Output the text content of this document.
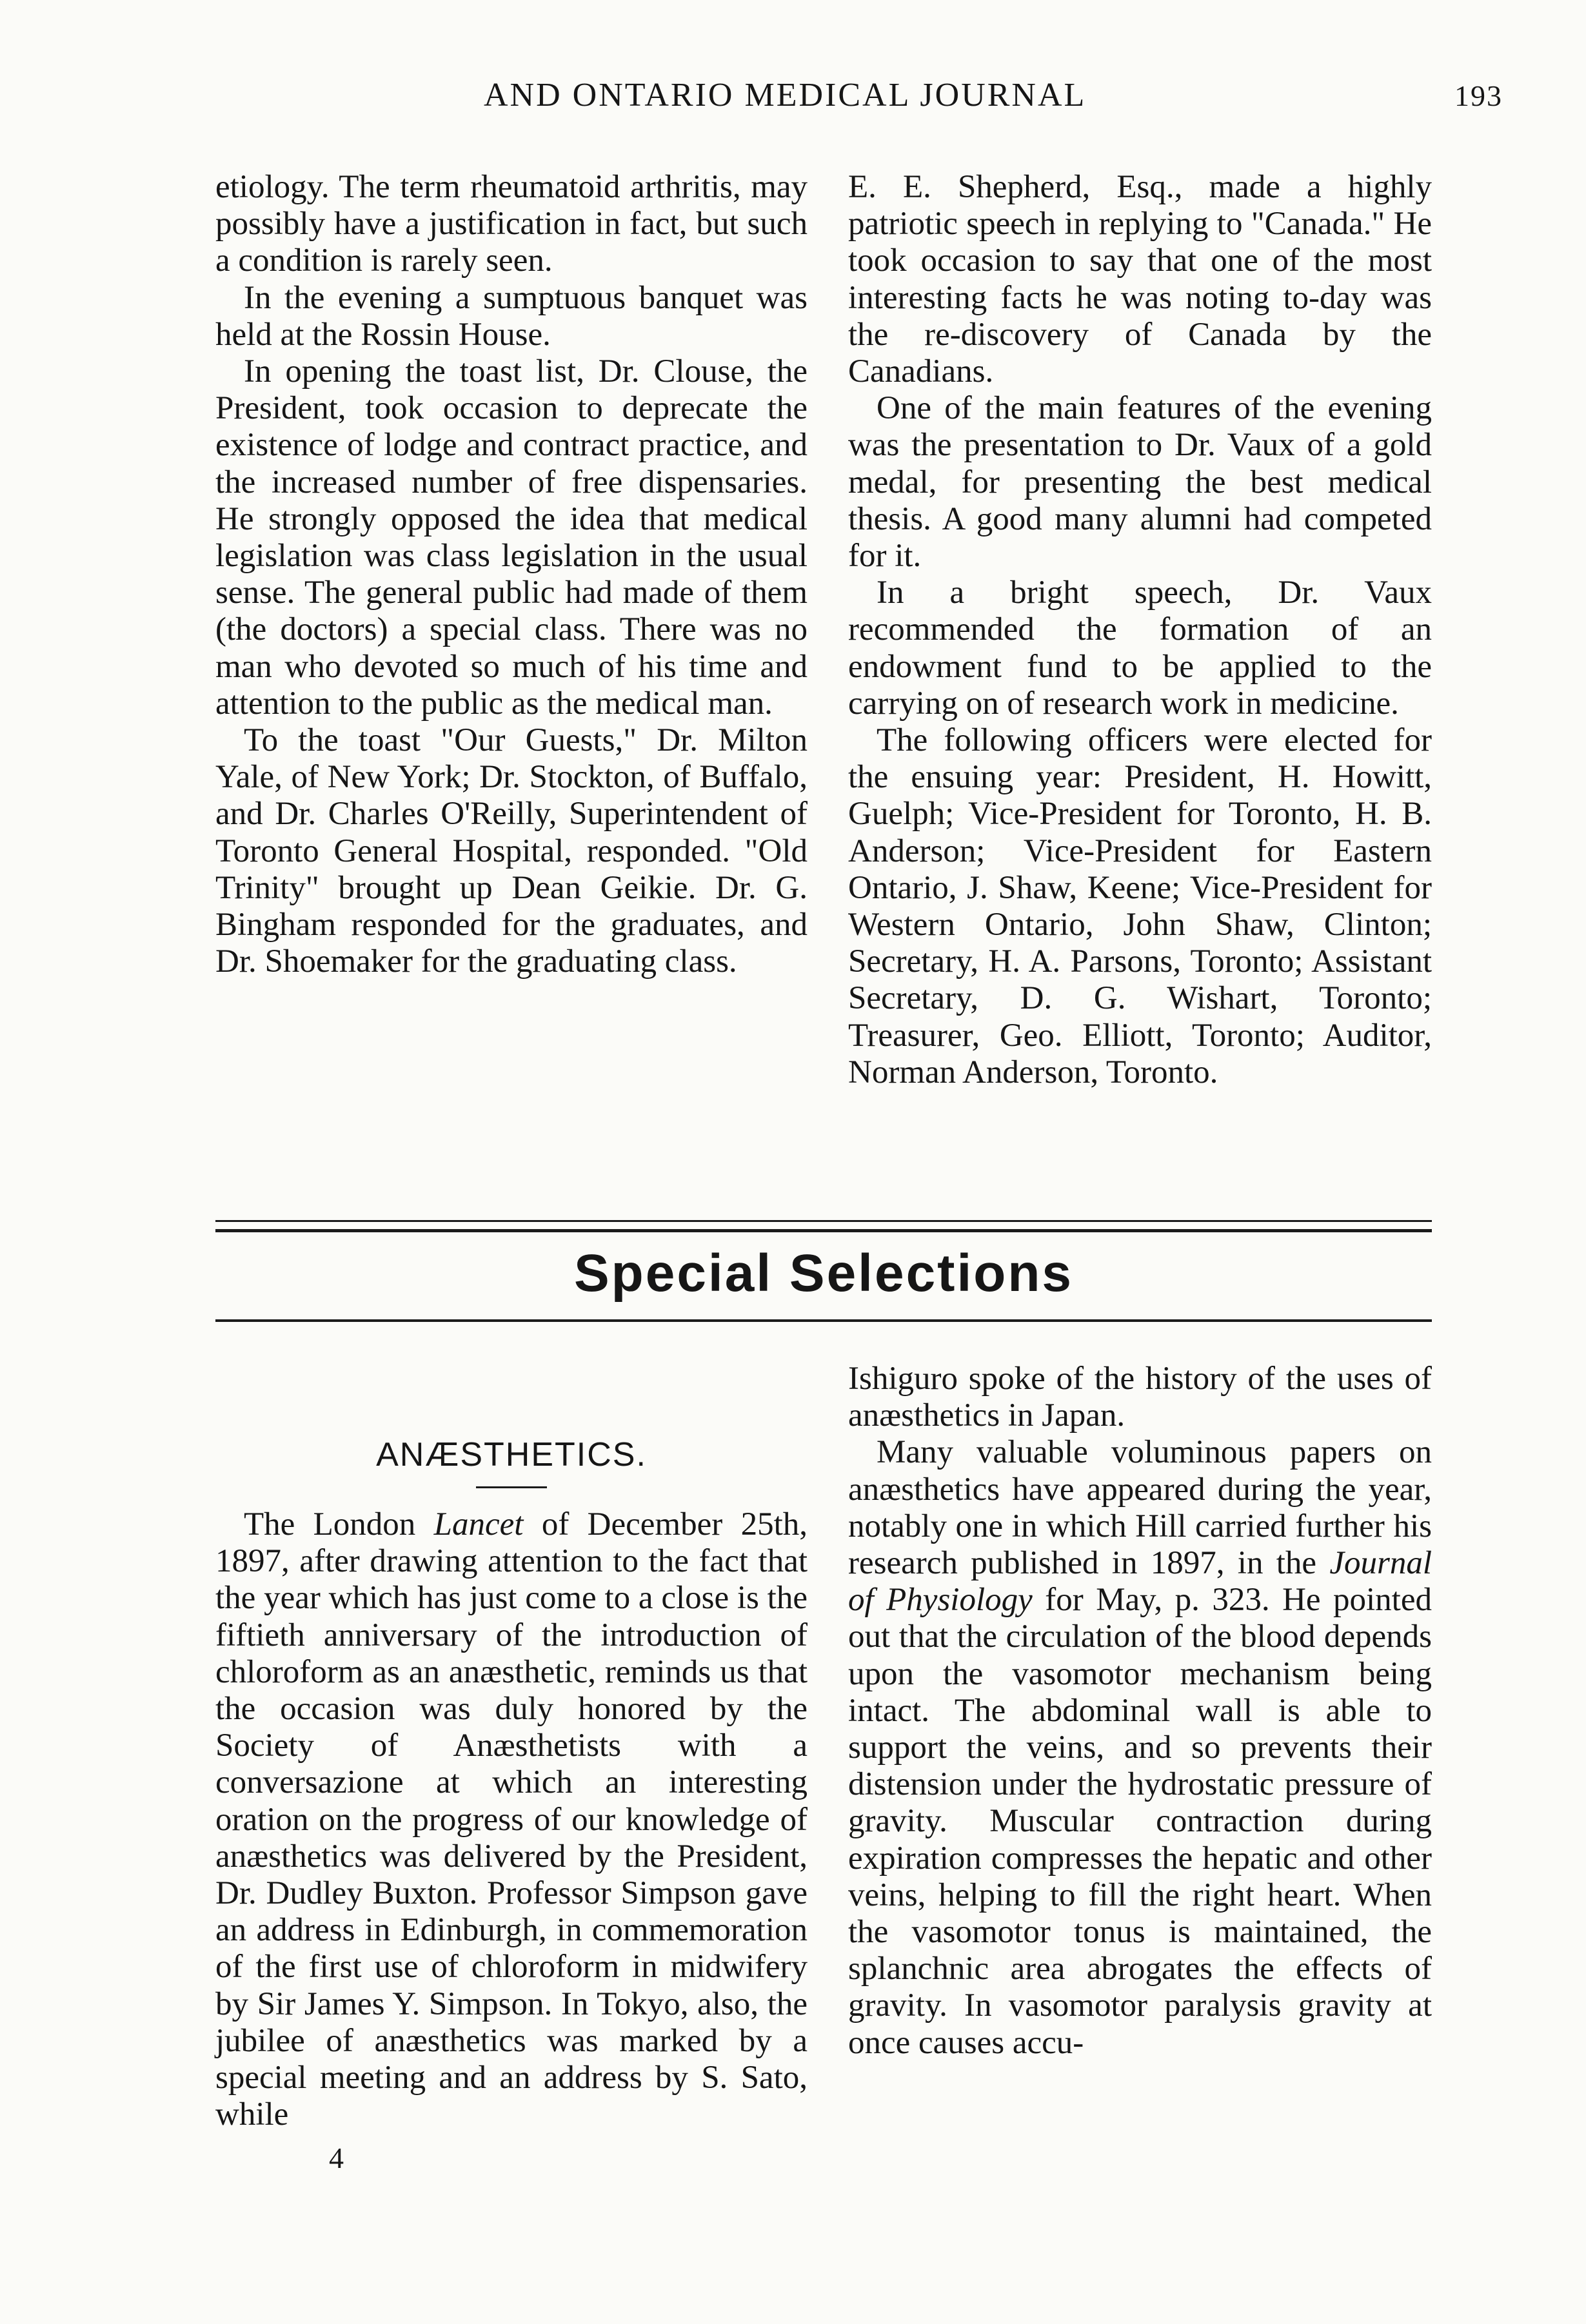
AND ONTARIO MEDICAL JOURNAL	193

etiology. The term rheumatoid arthritis, may possibly have a justification in fact, but such a condition is rarely seen.

In the evening a sumptuous banquet was held at the Rossin House.

In opening the toast list, Dr. Clouse, the President, took occasion to deprecate the existence of lodge and contract practice, and the increased number of free dispensaries. He strongly opposed the idea that medical legislation was class legislation in the usual sense. The general public had made of them (the doctors) a special class. There was no man who devoted so much of his time and attention to the public as the medical man.

To the toast "Our Guests," Dr. Milton Yale, of New York; Dr. Stockton, of Buffalo, and Dr. Charles O'Reilly, Superintendent of Toronto General Hospital, responded. "Old Trinity" brought up Dean Geikie. Dr. G. Bingham responded for the graduates, and Dr. Shoemaker for the graduating class.

E. E. Shepherd, Esq., made a highly patriotic speech in replying to "Canada." He took occasion to say that one of the most interesting facts he was noting to-day was the re-discovery of Canada by the Canadians.

One of the main features of the evening was the presentation to Dr. Vaux of a gold medal, for presenting the best medical thesis. A good many alumni had competed for it.

In a bright speech, Dr. Vaux recommended the formation of an endowment fund to be applied to the carrying on of research work in medicine.

The following officers were elected for the ensuing year: President, H. Howitt, Guelph; Vice-President for Toronto, H. B. Anderson; Vice-President for Eastern Ontario, J. Shaw, Keene; Vice-President for Western Ontario, John Shaw, Clinton; Secretary, H. A. Parsons, Toronto; Assistant Secretary, D. G. Wishart, Toronto; Treasurer, Geo. Elliott, Toronto; Auditor, Norman Anderson, Toronto.

Special Selections
ANÆSTHETICS.

The London Lancet of December 25th, 1897, after drawing attention to the fact that the year which has just come to a close is the fiftieth anniversary of the introduction of chloroform as an anæsthetic, reminds us that the occasion was duly honored by the Society of Anæsthetists with a conversazione at which an interesting oration on the progress of our knowledge of anæsthetics was delivered by the President, Dr. Dudley Buxton. Professor Simpson gave an address in Edinburgh, in commemoration of the first use of chloroform in midwifery by Sir James Y. Simpson. In Tokyo, also, the jubilee of anæsthetics was marked by a special meeting and an address by S. Sato, while

4

Ishiguro spoke of the history of the uses of anæsthetics in Japan.

Many valuable voluminous papers on anæsthetics have appeared during the year, notably one in which Hill carried further his research published in 1897, in the Journal of Physiology for May, p. 323. He pointed out that the circulation of the blood depends upon the vasomotor mechanism being intact. The abdominal wall is able to support the veins, and so prevents their distension under the hydrostatic pressure of gravity. Muscular contraction during expiration compresses the hepatic and other veins, helping to fill the right heart. When the vasomotor tonus is maintained, the splanchnic area abrogates the effects of gravity. In vasomotor paralysis gravity at once causes accu-
